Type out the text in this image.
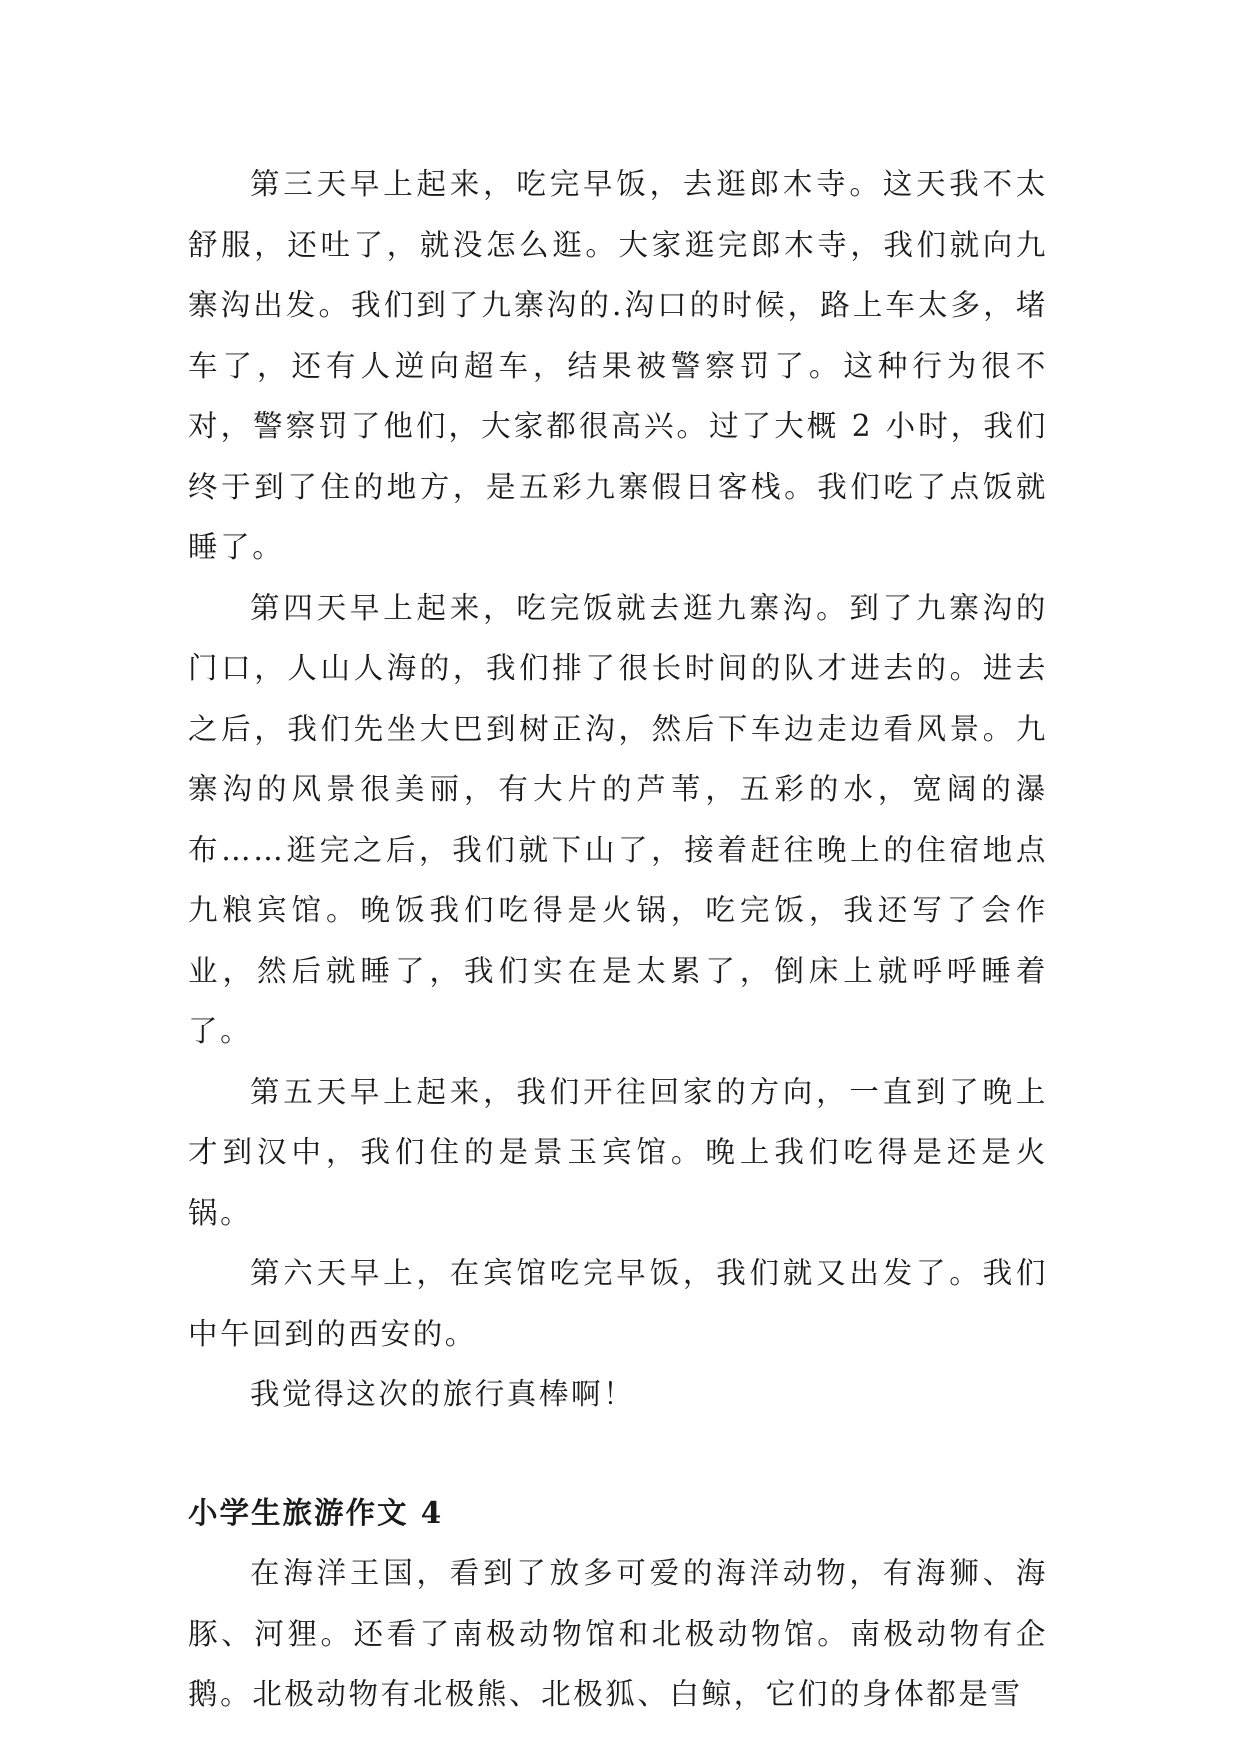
第三天早上起来，吃完早饭，去逛郎木寺。这天我不太舒服，还吐了，就没怎么逛。大家逛完郎木寺，我们就向九寨沟出发。我们到了九寨沟的.沟口的时候，路上车太多，堵车了，还有人逆向超车，结果被警察罚了。这种行为很不对，警察罚了他们，大家都很高兴。过了大概 2 小时，我们终于到了住的地方，是五彩九寨假日客栈。我们吃了点饭就睡了。

第四天早上起来，吃完饭就去逛九寨沟。到了九寨沟的门口，人山人海的，我们排了很长时间的队才进去的。进去之后，我们先坐大巴到树正沟，然后下车边走边看风景。九寨沟的风景很美丽，有大片的芦苇，五彩的水，宽阔的瀑布……逛完之后，我们就下山了，接着赶往晚上的住宿地点九粮宾馆。晚饭我们吃得是火锅，吃完饭，我还写了会作业，然后就睡了，我们实在是太累了，倒床上就呼呼睡着了。

第五天早上起来，我们开往回家的方向，一直到了晚上才到汉中，我们住的是景玉宾馆。晚上我们吃得是还是火锅。

第六天早上，在宾馆吃完早饭，我们就又出发了。我们中午回到的西安的。

我觉得这次的旅行真棒啊！

小学生旅游作文 4

在海洋王国，看到了放多可爱的海洋动物，有海狮、海豚、河狸。还看了南极动物馆和北极动物馆。南极动物有企鹅。北极动物有北极熊、北极狐、白鲸，它们的身体都是雪
